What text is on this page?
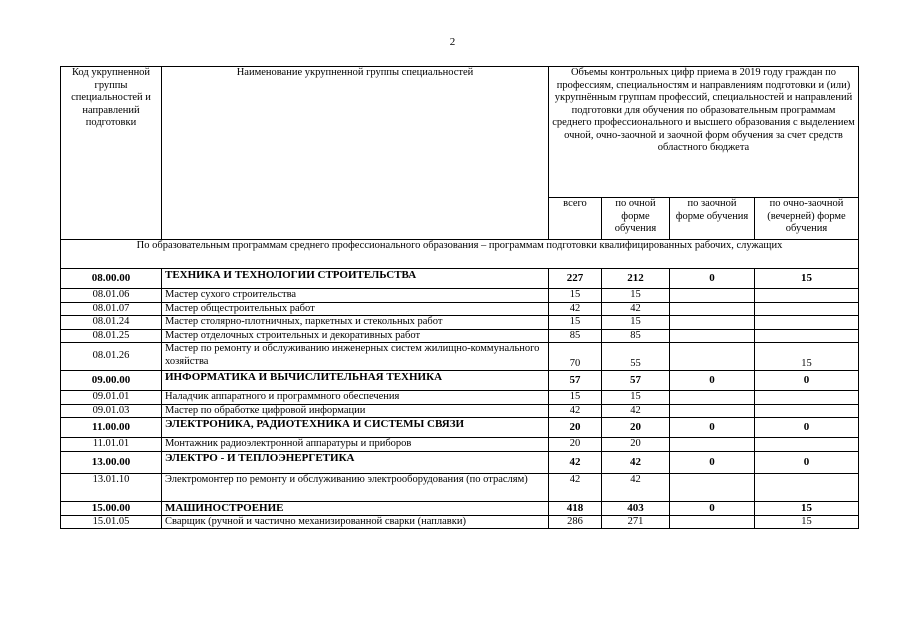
2
Код укрупненной группы специальностей и направлений подготовки	Наименование укрупненной группы специальностей	Объемы контрольных цифр приема в 2019 году граждан по профессиям, специальностям и направлениям подготовки и (или) укрупнённым группам профессий, специальностей и направлений подготовки для обучения по образовательным программам среднего профессионального и высшего образования с выделением очной, очно-заочной и заочной форм обучения за счет средств областного бюджета			
		всего	по очной форме обучения	по заочной форме обучения	по очно-заочной (вечерней) форме обучения
По образовательным программам среднего профессионального образования – программам подготовки квалифицированных рабочих, служащих					
08.00.00	ТЕХНИКА И ТЕХНОЛОГИИ СТРОИТЕЛЬСТВА	227	212	0	15
08.01.06	Мастер сухого строительства	15	15		
08.01.07	Мастер общестроительных работ	42	42		
08.01.24	Мастер столярно-плотничных, паркетных и стекольных работ	15	15		
08.01.25	Мастер отделочных строительных и декоративных работ	85	85		
08.01.26	Мастер по ремонту и обслуживанию инженерных систем жилищно-коммунального хозяйства	70	55		15
09.00.00	ИНФОРМАТИКА И ВЫЧИСЛИТЕЛЬНАЯ ТЕХНИКА	57	57	0	0
09.01.01	Наладчик аппаратного и программного обеспечения	15	15		
09.01.03	Мастер по обработке цифровой информации	42	42		
11.00.00	ЭЛЕКТРОНИКА, РАДИОТЕХНИКА И СИСТЕМЫ СВЯЗИ	20	20	0	0
11.01.01	Монтажник радиоэлектронной аппаратуры и приборов	20	20		
13.00.00	ЭЛЕКТРО - И ТЕПЛОЭНЕРГЕТИКА	42	42	0	0
13.01.10	Электромонтер по ремонту и обслуживанию электрооборудования (по отраслям)	42	42		
15.00.00	МАШИНОСТРОЕНИЕ	418	403	0	15
15.01.05	Сварщик (ручной и частично механизированной сварки (наплавки)	286	271		15
